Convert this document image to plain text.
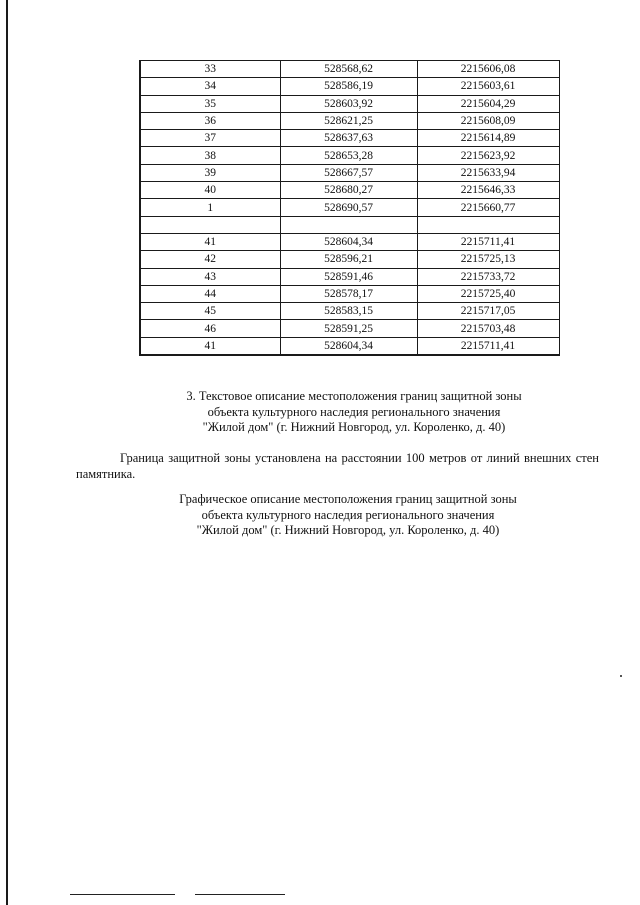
33	528568,62	2215606,08
34	528586,19	2215603,61
35	528603,92	2215604,29
36	528621,25	2215608,09
37	528637,63	2215614,89
38	528653,28	2215623,92
39	528667,57	2215633,94
40	528680,27	2215646,33
1	528690,57	2215660,77

41	528604,34	2215711,41
42	528596,21	2215725,13
43	528591,46	2215733,72
44	528578,17	2215725,40
45	528583,15	2215717,05
46	528591,25	2215703,48
41	528604,34	2215711,41
3. Текстовое описание местоположения границ защитной зоны
объекта культурного наследия регионального значения
"Жилой дом" (г. Нижний Новгород, ул. Короленко, д. 40)
Граница защитной зоны установлена на расстоянии 100 метров от линий внешних стен памятника.
Графическое описание местоположения границ защитной зоны
объекта культурного наследия регионального значения
"Жилой дом" (г. Нижний Новгород, ул. Короленко, д. 40)
